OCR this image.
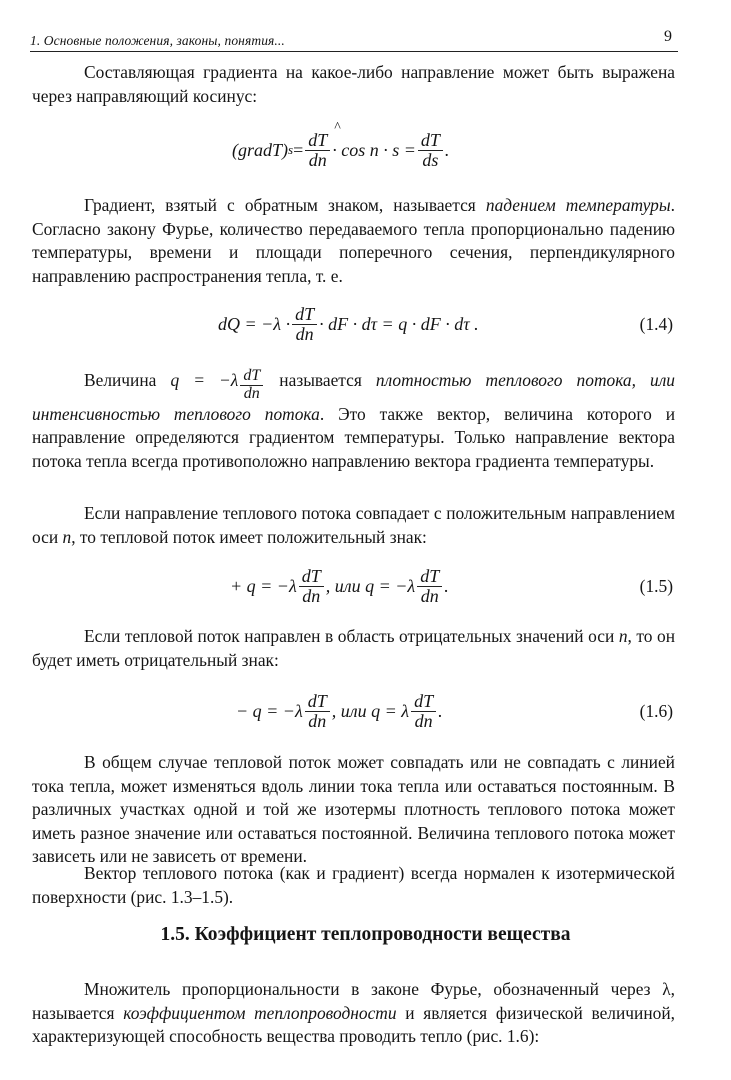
1. Основные положения, законы, понятия...	9

Составляющая градиента на какое-либо направление может быть выражена через направляющий косинус:

(gradT) $s = \frac{dT}{dn}$ ^ · $\cos n \cdot s = \frac{dT}{ds}$ .

Градиент, взятый с обратным знаком, называется падением температуры. Согласно закону Фурье, количество передаваемого тепла пропорционально падению температуры, времени и площади поперечного сечения, перпендикулярного направлению распространения тепла, т. е.

dQ = $-\lambda \cdot \frac{dT}{dn}$ · dF · dτ = q · dF · dτ .	(1.4)

Величина $q = -\lambda \frac{dT}{dn}$ называется плотностью теплового потока, или интенсивностью теплового потока. Это также вектор, величина которого и направление определяются градиентом температуры. Только направление вектора потока тепла всегда противоположно направлению вектора градиента температуры.

Если направление теплового потока совпадает с положительным направлением оси n, то тепловой поток имеет положительный знак:

+ $q = -\lambda \frac{dT}{dn}$ , или $q = -\lambda \frac{dT}{dn}$ .	(1.5)

Если тепловой поток направлен в область отрицательных значений оси n, то он будет иметь отрицательный знак:

− $q = -\lambda \frac{dT}{dn}$ , или q = λ $\frac{dT}{dn}$ .	(1.6)

В общем случае тепловой поток может совпадать или не совпадать с линией тока тепла, может изменяться вдоль линии тока тепла или оставаться постоянным. В различных участках одной и той же изотермы плотность теплового потока может иметь разное значение или оставаться постоянной. Величина теплового потока может зависеть или не зависеть от времени.

Вектор теплового потока (как и градиент) всегда нормален к изотермической поверхности (рис. 1.3–1.5).

1.5. Коэффициент теплопроводности вещества

Множитель пропорциональности в законе Фурье, обозначенный через λ, называется коэффициентом теплопроводности и является физической величиной, характеризующей способность вещества проводить тепло (рис. 1.6):
